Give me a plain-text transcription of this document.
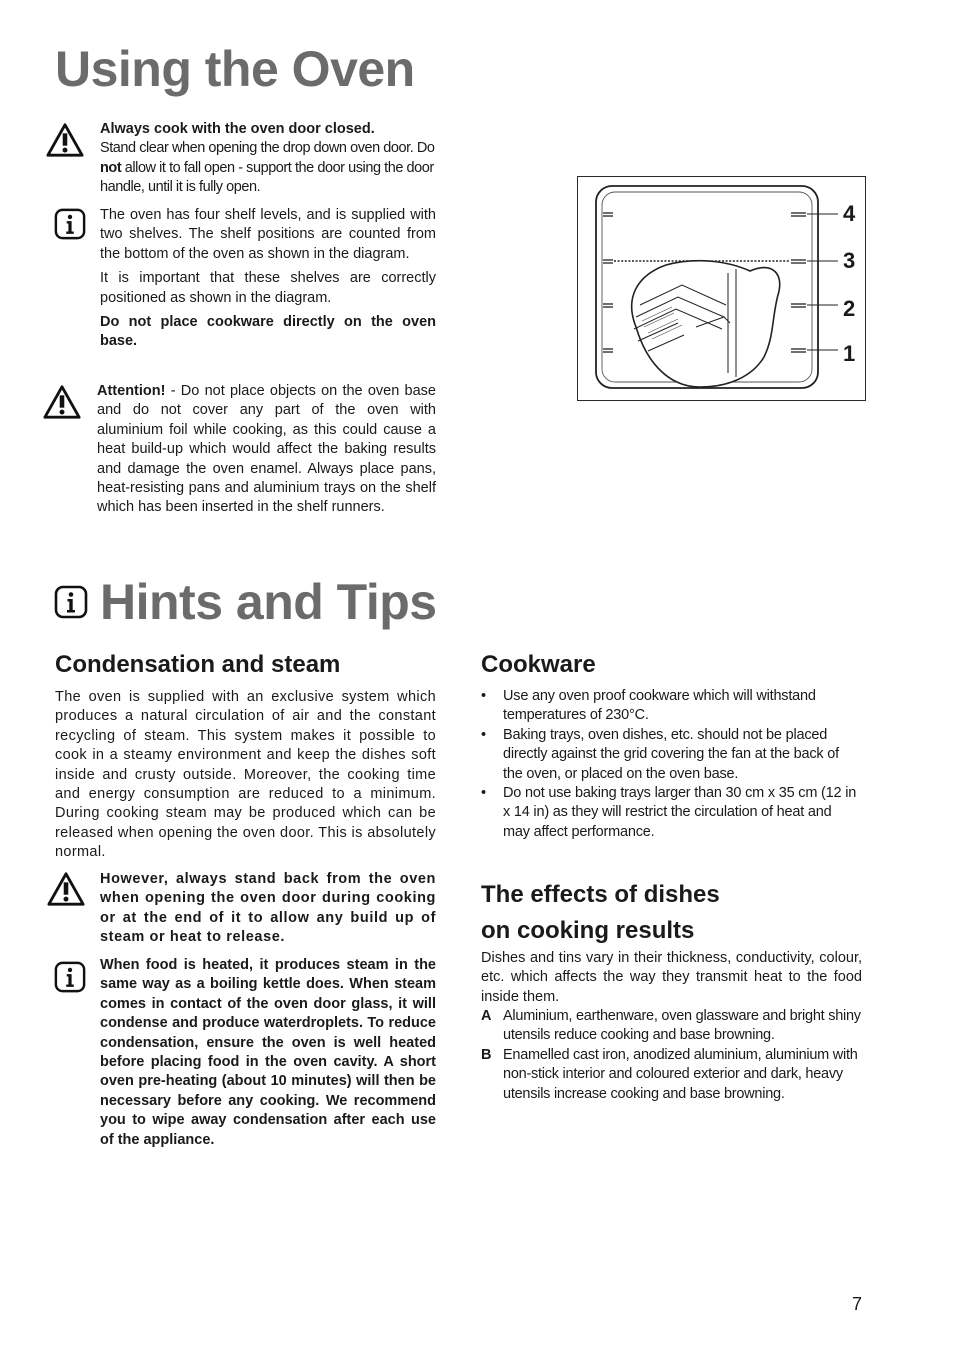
Using the Oven
Always cook with the oven door closed.
Stand clear when opening the drop down oven door. Do not allow it to fall open - support the door using the door handle, until it is fully open.
The oven has four shelf levels, and is supplied with two shelves. The shelf positions are counted from the bottom of the oven as shown in the diagram.
It is important that these shelves are correctly positioned as shown in the diagram.
Do not place cookware directly on the oven base.
Attention! - Do not place objects on the oven base and do not cover any part of the oven with aluminium foil while cooking, as this could cause a heat build-up which would affect the baking results and damage the oven enamel. Always place pans, heat-resisting pans and aluminium trays on the shelf which has been inserted in the shelf runners.
4
3
2
1
Hints and Tips
Condensation and steam
The oven is supplied with an exclusive system which produces a natural circulation of air and the constant recycling of steam. This system makes it possible to cook in a steamy environment and keep the dishes soft inside and crusty outside. Moreover, the cooking time and energy consumption are reduced to a minimum. During cooking steam may be produced which can be released when opening the oven door. This is absolutely normal.
However, always stand back from the oven when opening the oven door during cooking or at the end of it to allow any build up of steam or heat to release.
When food is heated, it produces steam in the same way as a boiling kettle does. When steam comes in contact of the oven door glass, it will condense and produce waterdroplets. To reduce condensation, ensure the oven is well heated before placing food in the oven cavity. A short oven pre-heating (about 10 minutes) will then be necessary before any cooking. We recommend you to wipe away condensation after each use of the appliance.
Cookware
• Use any oven proof cookware which will withstand temperatures of 230°C.
• Baking trays, oven dishes, etc. should not be placed directly against the grid covering the fan at the back of the oven, or placed on the oven base.
• Do not use baking trays larger than 30 cm x 35 cm (12 in x 14 in) as they will restrict the circulation of heat and may affect performance.
The effects of dishes
on cooking results
Dishes and tins vary in their thickness, conductivity, colour, etc. which affects the way they transmit heat to the food inside them.
A Aluminium, earthenware, oven glassware and bright shiny utensils reduce cooking and base browning.
B Enamelled cast iron, anodized aluminium, aluminium with non-stick interior and coloured exterior and dark, heavy utensils increase cooking and base browning.
7
